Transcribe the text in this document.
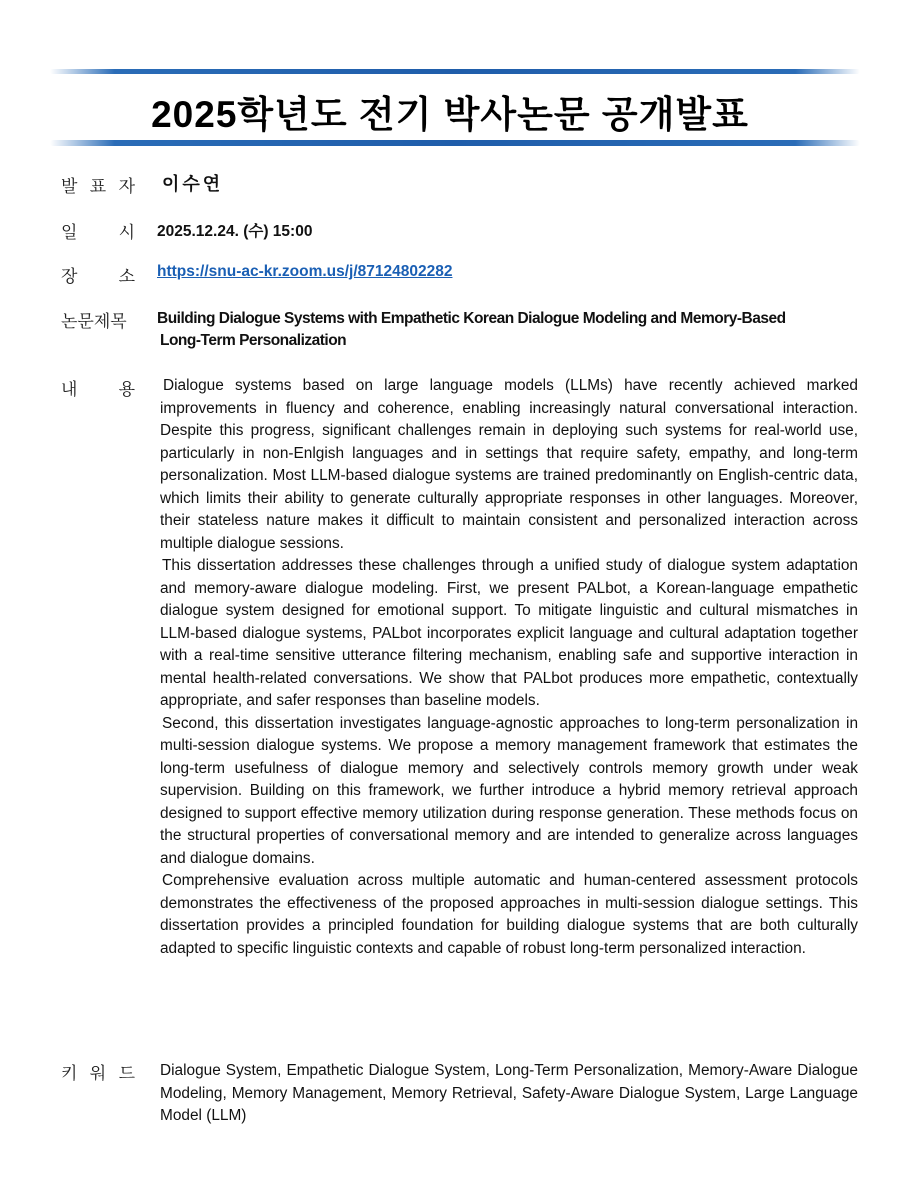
2025학년도 전기 박사논문 공개발표
발 표 자 이수연
일 시 2025.12.24. (수) 15:00
장 소 https://snu-ac-kr.zoom.us/j/87124802282
논문제목 Building Dialogue Systems with Empathetic Korean Dialogue Modeling and Memory-Based
Long-Term Personalization
내 용 Dialogue systems based on large language models (LLMs) have recently achieved marked improvements in fluency and coherence, enabling increasingly natural conversational interaction. Despite this progress, significant challenges remain in deploying such systems for real-world use, particularly in non-Enlgish languages and in settings that require safety, empathy, and long-term personalization. Most LLM-based dialogue systems are trained predominantly on English-centric data, which limits their ability to generate culturally appropriate responses in other languages. Moreover, their stateless nature makes it difficult to maintain consistent and personalized interaction across multiple dialogue sessions.

This dissertation addresses these challenges through a unified study of dialogue system adaptation and memory-aware dialogue modeling. First, we present PALbot, a Korean-language empathetic dialogue system designed for emotional support. To mitigate linguistic and cultural mismatches in LLM-based dialogue systems, PALbot incorporates explicit language and cultural adaptation together with a real-time sensitive utterance filtering mechanism, enabling safe and supportive interaction in mental health-related conversations. We show that PALbot produces more empathetic, contextually appropriate, and safer responses than baseline models.

Second, this dissertation investigates language-agnostic approaches to long-term personalization in multi-session dialogue systems. We propose a memory management framework that estimates the long-term usefulness of dialogue memory and selectively controls memory growth under weak supervision. Building on this framework, we further introduce a hybrid memory retrieval approach designed to support effective memory utilization during response generation. These methods focus on the structural properties of conversational memory and are intended to generalize across languages and dialogue domains.

Comprehensive evaluation across multiple automatic and human-centered assessment protocols demonstrates the effectiveness of the proposed approaches in multi-session dialogue settings. This dissertation provides a principled foundation for building dialogue systems that are both culturally adapted to specific linguistic contexts and capable of robust long-term personalized interaction.

키 워 드 Dialogue System, Empathetic Dialogue System, Long-Term Personalization, Memory-Aware Dialogue Modeling, Memory Management, Memory Retrieval, Safety-Aware Dialogue System, Large Language Model (LLM)
